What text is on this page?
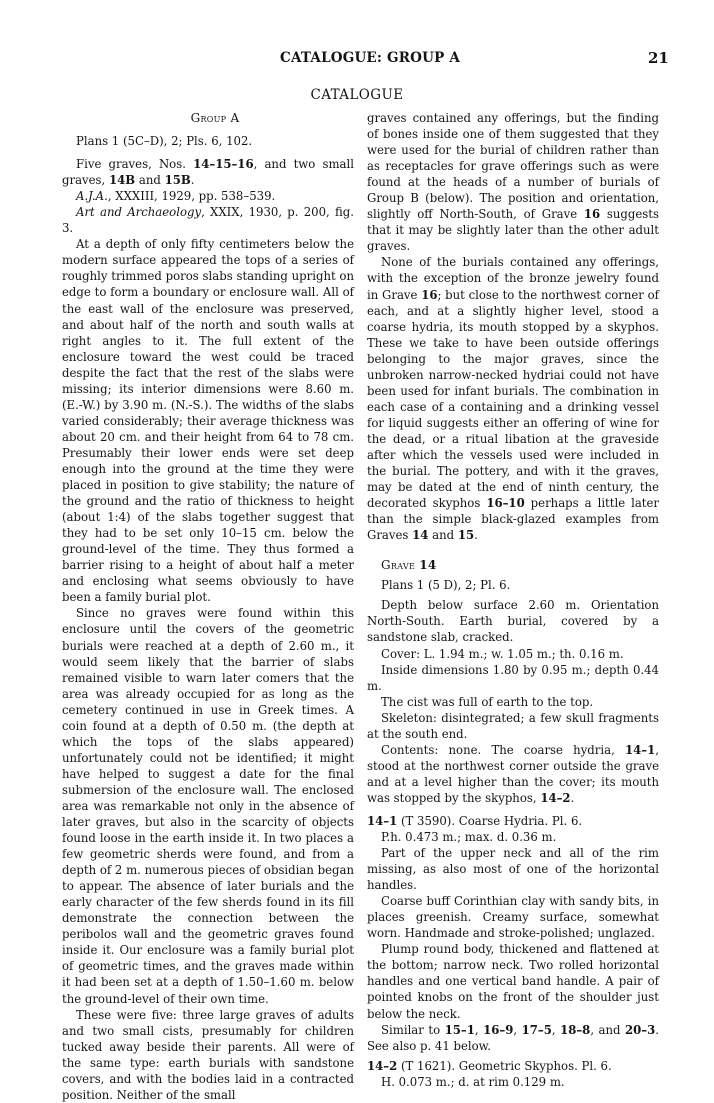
CATALOGUE: GROUP A	21
CATALOGUE

Group A

Plans 1 (5C–D), 2; Pls. 6, 102.

Five graves, Nos. 14–15–16, and two small graves, 14B and 15B.

A.J.A., XXXIII, 1929, pp. 538–539.

Art and Archaeology, XXIX, 1930, p. 200, fig. 3.

At a depth of only fifty centimeters below the modern surface appeared the tops of a series of roughly trimmed poros slabs standing upright on edge to form a boundary or enclosure wall. All of the east wall of the enclosure was preserved, and about half of the north and south walls at right angles to it. The full extent of the enclosure toward the west could be traced despite the fact that the rest of the slabs were missing; its interior dimensions were 8.60 m. (E.-W.) by 3.90 m. (N.-S.). The widths of the slabs varied considerably; their average thickness was about 20 cm. and their height from 64 to 78 cm. Presumably their lower ends were set deep enough into the ground at the time they were placed in position to give stability; the nature of the ground and the ratio of thickness to height (about 1:4) of the slabs together suggest that they had to be set only 10–15 cm. below the ground-level of the time. They thus formed a barrier rising to a height of about half a meter and enclosing what seems obviously to have been a family burial plot.

Since no graves were found within this enclosure until the covers of the geometric burials were reached at a depth of 2.60 m., it would seem likely that the barrier of slabs remained visible to warn later comers that the area was already occupied for as long as the cemetery continued in use in Greek times. A coin found at a depth of 0.50 m. (the depth at which the tops of the slabs appeared) unfortunately could not be identified; it might have helped to suggest a date for the final submersion of the enclosure wall. The enclosed area was remarkable not only in the absence of later graves, but also in the scarcity of objects found loose in the earth inside it. In two places a few geometric sherds were found, and from a depth of 2 m. numerous pieces of obsidian began to appear. The absence of later burials and the early character of the few sherds found in its fill demonstrate the connection between the peribolos wall and the geometric graves found inside it. Our enclosure was a family burial plot of geometric times, and the graves made within it had been set at a depth of 1.50–1.60 m. below the ground-level of their own time.

These were five: three large graves of adults and two small cists, presumably for children tucked away beside their parents. All were of the same type: earth burials with sandstone covers, and with the bodies laid in a contracted position. Neither of the small

graves contained any offerings, but the finding of bones inside one of them suggested that they were used for the burial of children rather than as receptacles for grave offerings such as were found at the heads of a number of burials of Group B (below). The position and orientation, slightly off North-South, of Grave 16 suggests that it may be slightly later than the other adult graves.

None of the burials contained any offerings, with the exception of the bronze jewelry found in Grave 16; but close to the northwest corner of each, and at a slightly higher level, stood a coarse hydria, its mouth stopped by a skyphos. These we take to have been outside offerings belonging to the major graves, since the unbroken narrow-necked hydriai could not have been used for infant burials. The combination in each case of a containing and a drinking vessel for liquid suggests either an offering of wine for the dead, or a ritual libation at the graveside after which the vessels used were included in the burial. The pottery, and with it the graves, may be dated at the end of ninth century, the decorated skyphos 16–10 perhaps a little later than the simple black-glazed examples from Graves 14 and 15.

Grave 14

Plans 1 (5 D), 2; Pl. 6.

Depth below surface 2.60 m. Orientation North-South. Earth burial, covered by a sandstone slab, cracked.

Cover: L. 1.94 m.; w. 1.05 m.; th. 0.16 m.

Inside dimensions 1.80 by 0.95 m.; depth 0.44 m.

The cist was full of earth to the top.

Skeleton: disintegrated; a few skull fragments at the south end.

Contents: none. The coarse hydria, 14–1, stood at the northwest corner outside the grave and at a level higher than the cover; its mouth was stopped by the skyphos, 14–2.

14–1 (T 3590). Coarse Hydria. Pl. 6.

P.h. 0.473 m.; max. d. 0.36 m.

Part of the upper neck and all of the rim missing, as also most of one of the horizontal handles.

Coarse buff Corinthian clay with sandy bits, in places greenish. Creamy surface, somewhat worn. Handmade and stroke-polished; unglazed.

Plump round body, thickened and flattened at the bottom; narrow neck. Two rolled horizontal handles and one vertical band handle. A pair of pointed knobs on the front of the shoulder just below the neck.

Similar to 15–1, 16–9, 17–5, 18–8, and 20–3. See also p. 41 below.

14–2 (T 1621). Geometric Skyphos. Pl. 6.

H. 0.073 m.; d. at rim 0.129 m.
